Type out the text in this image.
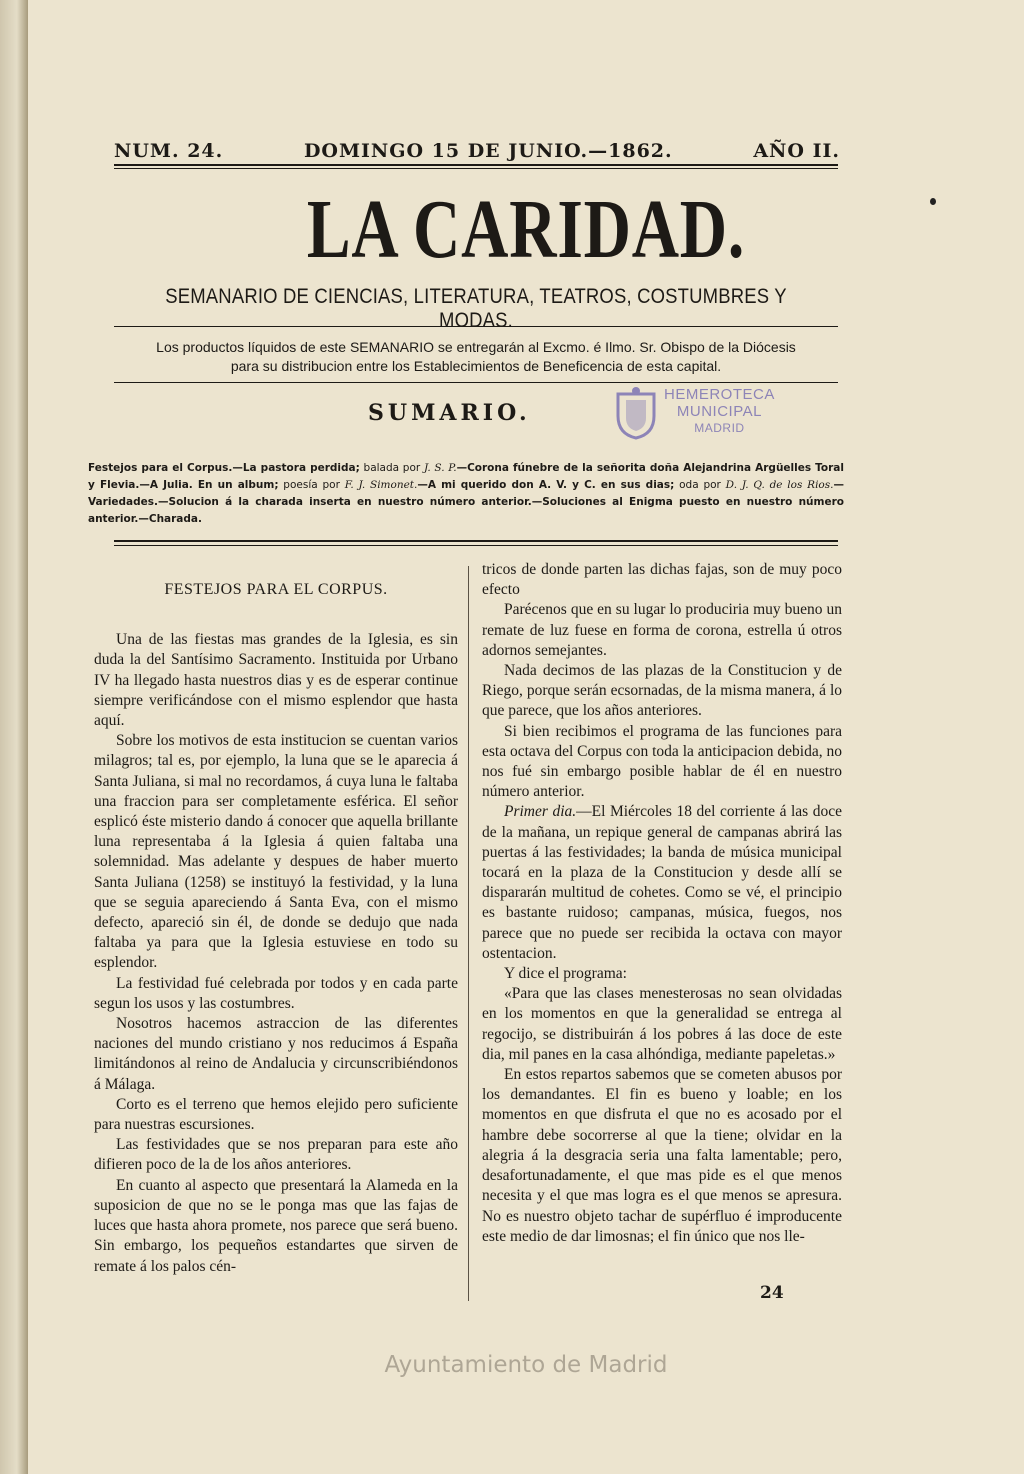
NUM. 24.	DOMINGO 15 DE JUNIO.—1862.	AÑO II.
LA CARIDAD.
SEMANARIO DE CIENCIAS, LITERATURA, TEATROS, COSTUMBRES Y MODAS.
Los productos líquidos de este SEMANARIO se entregarán al Excmo. é Ilmo. Sr. Obispo de la Diócesis
para su distribucion entre los Establecimientos de Beneficencia de esta capital.
SUMARIO.
HEMEROTECA
MUNICIPAL
MADRID
Festejos para el Corpus.—La pastora perdida; balada por J. S. P.—Corona fúnebre de la señorita doña Alejandrina Argüelles Toral y Flevia.—A Julia. En un album; poesía por F. J. Simonet.—A mi querido don A. V. y C. en sus dias; oda por D. J. Q. de los Rios.—Variedades.—Solucion á la charada inserta en nuestro número anterior.—Soluciones al Enigma puesto en nuestro número anterior.—Charada.

FESTEJOS PARA EL CORPUS.

Una de las fiestas mas grandes de la Iglesia, es sin duda la del Santísimo Sacramento. Instituida por Urbano IV ha llegado hasta nuestros dias y es de esperar continue siempre verificándose con el mismo esplendor que hasta aquí.

Sobre los motivos de esta institucion se cuentan varios milagros; tal es, por ejemplo, la luna que se le aparecia á Santa Juliana, si mal no recordamos, á cuya luna le faltaba una fraccion para ser completamente esférica. El señor esplicó éste misterio dando á conocer que aquella brillante luna representaba á la Iglesia á quien faltaba una solemnidad. Mas adelante y despues de haber muerto Santa Juliana (1258) se instituyó la festividad, y la luna que se seguia apareciendo á Santa Eva, con el mismo defecto, apareció sin él, de donde se dedujo que nada faltaba ya para que la Iglesia estuviese en todo su esplendor.

La festividad fué celebrada por todos y en cada parte segun los usos y las costumbres.

Nosotros hacemos astraccion de las diferentes naciones del mundo cristiano y nos reducimos á España limitándonos al reino de Andalucia y circunscribiéndonos á Málaga.

Corto es el terreno que hemos elejido pero suficiente para nuestras escursiones.

Las festividades que se nos preparan para este año difieren poco de la de los años anteriores.

En cuanto al aspecto que presentará la Alameda en la suposicion de que no se le ponga mas que las fajas de luces que hasta ahora promete, nos parece que será bueno. Sin embargo, los pequeños estandartes que sirven de remate á los palos cén-

tricos de donde parten las dichas fajas, son de muy poco efecto

Parécenos que en su lugar lo produciria muy bueno un remate de luz fuese en forma de corona, estrella ú otros adornos semejantes.

Nada decimos de las plazas de la Constitucion y de Riego, porque serán ecsornadas, de la misma manera, á lo que parece, que los años anteriores.

Si bien recibimos el programa de las funciones para esta octava del Corpus con toda la anticipacion debida, no nos fué sin embargo posible hablar de él en nuestro número anterior.

Primer dia.—El Miércoles 18 del corriente á las doce de la mañana, un repique general de campanas abrirá las puertas á las festividades; la banda de música municipal tocará en la plaza de la Constitucion y desde allí se dispararán multitud de cohetes. Como se vé, el principio es bastante ruidoso; campanas, música, fuegos, nos parece que no puede ser recibida la octava con mayor ostentacion.

Y dice el programa:

«Para que las clases menesterosas no sean olvidadas en los momentos en que la generalidad se entrega al regocijo, se distribuirán á los pobres á las doce de este dia, mil panes en la casa alhóndiga, mediante papeletas.»

En estos repartos sabemos que se cometen abusos por los demandantes. El fin es bueno y loable; en los momentos en que disfruta el que no es acosado por el hambre debe socorrerse al que la tiene; olvidar en la alegria á la desgracia seria una falta lamentable; pero, desafortunadamente, el que mas pide es el que menos necesita y el que mas logra es el que menos se apresura. No es nuestro objeto tachar de supérfluo é improducente este medio de dar limosnas; el fin único que nos lle-

24
Ayuntamiento de Madrid
